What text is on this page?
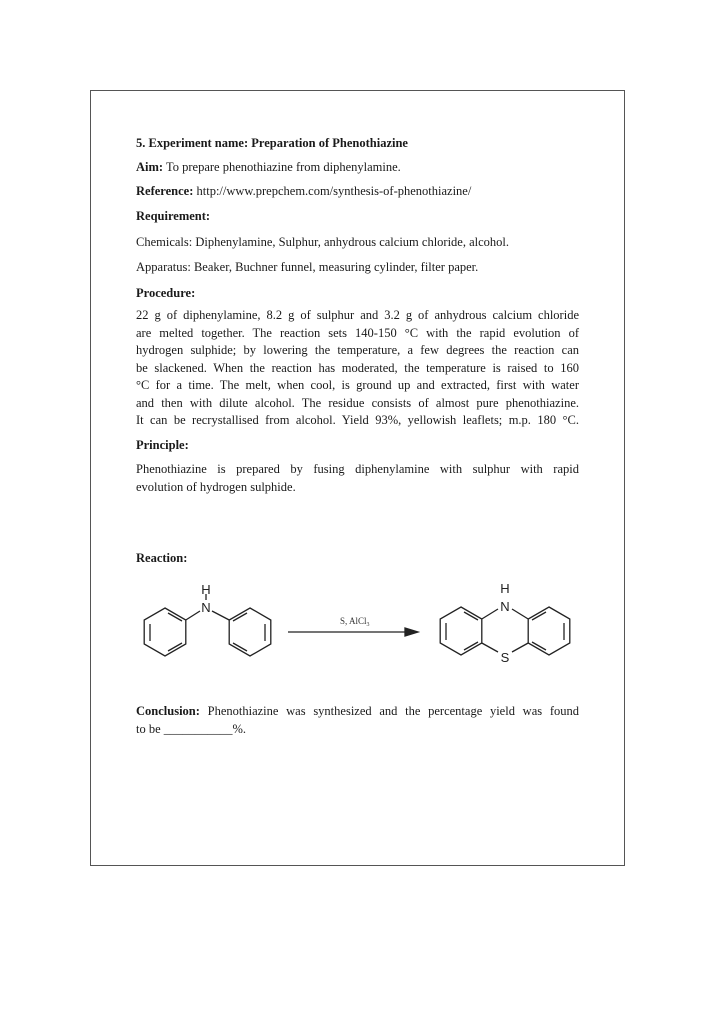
5. Experiment name: Preparation of Phenothiazine
Aim: To prepare phenothiazine from diphenylamine.
Reference: http://www.prepchem.com/synthesis-of-phenothiazine/
Requirement:
Chemicals: Diphenylamine, Sulphur, anhydrous calcium chloride, alcohol.
Apparatus: Beaker, Buchner funnel, measuring cylinder, filter paper.
Procedure:
22 g of diphenylamine, 8.2 g of sulphur and 3.2 g of anhydrous calcium chloride
are melted together. The reaction sets 140-150 °C with the rapid evolution of
hydrogen sulphide; by lowering the temperature, a few degrees the reaction can
be slackened. When the reaction has moderated, the temperature is raised to 160
°C for a time. The melt, when cool, is ground up and extracted, first with water
and then with dilute alcohol. The residue consists of almost pure phenothiazine.
It can be recrystallised from alcohol. Yield 93%, yellowish leaflets; m.p. 180 °C.
Principle:
Phenothiazine is prepared by fusing diphenylamine with sulphur with rapid
evolution of hydrogen sulphide.
Reaction:
N
H
S, AlCl$_3$
N
H
S
Conclusion: Phenothiazine was synthesized and the percentage yield was found
to be ___________%.
